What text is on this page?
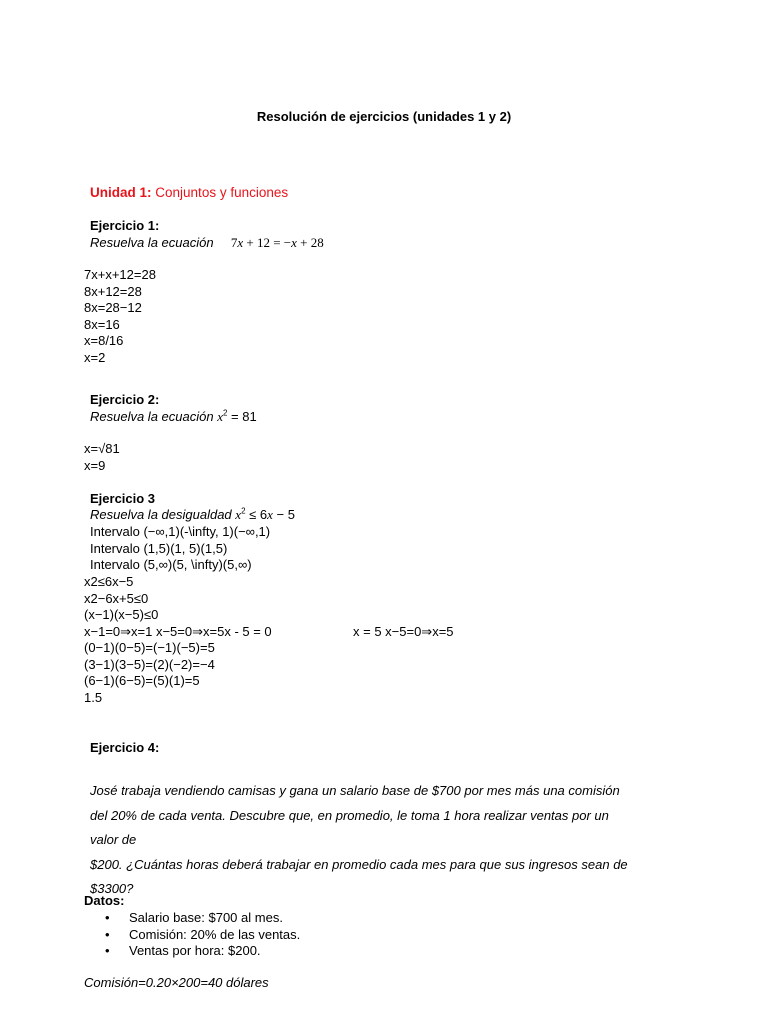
Resolución de ejercicios (unidades 1 y 2)
Unidad 1: Conjuntos y funciones
Ejercicio 1:
Resuelva la ecuación 7x + 12 = −x + 28
7x+x+12=28
8x+12=28
8x=28−12
8x=16
x=8/16
x=2
Ejercicio 2:
Resuelva la ecuación $x^2 = 81$
x=√81
x=9
Ejercicio 3
Resuelva la desigualdad $x^2 \le 6x - 5$
Intervalo (−∞,1)(-\infty, 1)(−∞,1)
Intervalo (1,5)(1, 5)(1,5)
Intervalo (5,∞)(5, \infty)(5,∞)
x2≤6x−5
x2−6x+5≤0
(x−1)(x−5)≤0
x−1=0⇒x=1 x−5=0⇒x=5x - 5 = 0
(0−1)(0−5)=(−1)(−5)=5
(3−1)(3−5)=(2)(−2)=−4
(6−1)(6−5)=(5)(1)=5
1.5
x = 5 x−5=0⇒x=5
Ejercicio 4:
José trabaja vendiendo camisas y gana un salario base de $700 por mes más una comisión
del 20% de cada venta. Descubre que, en promedio, le toma 1 hora realizar ventas por un
valor de
$200. ¿Cuántas horas deberá trabajar en promedio cada mes para que sus ingresos sean de
$3300?
Datos:
• Salario base: $700 al mes.
• Comisión: 20% de las ventas.
• Ventas por hora: $200.
Comisión=0.20×200=40 dólares
